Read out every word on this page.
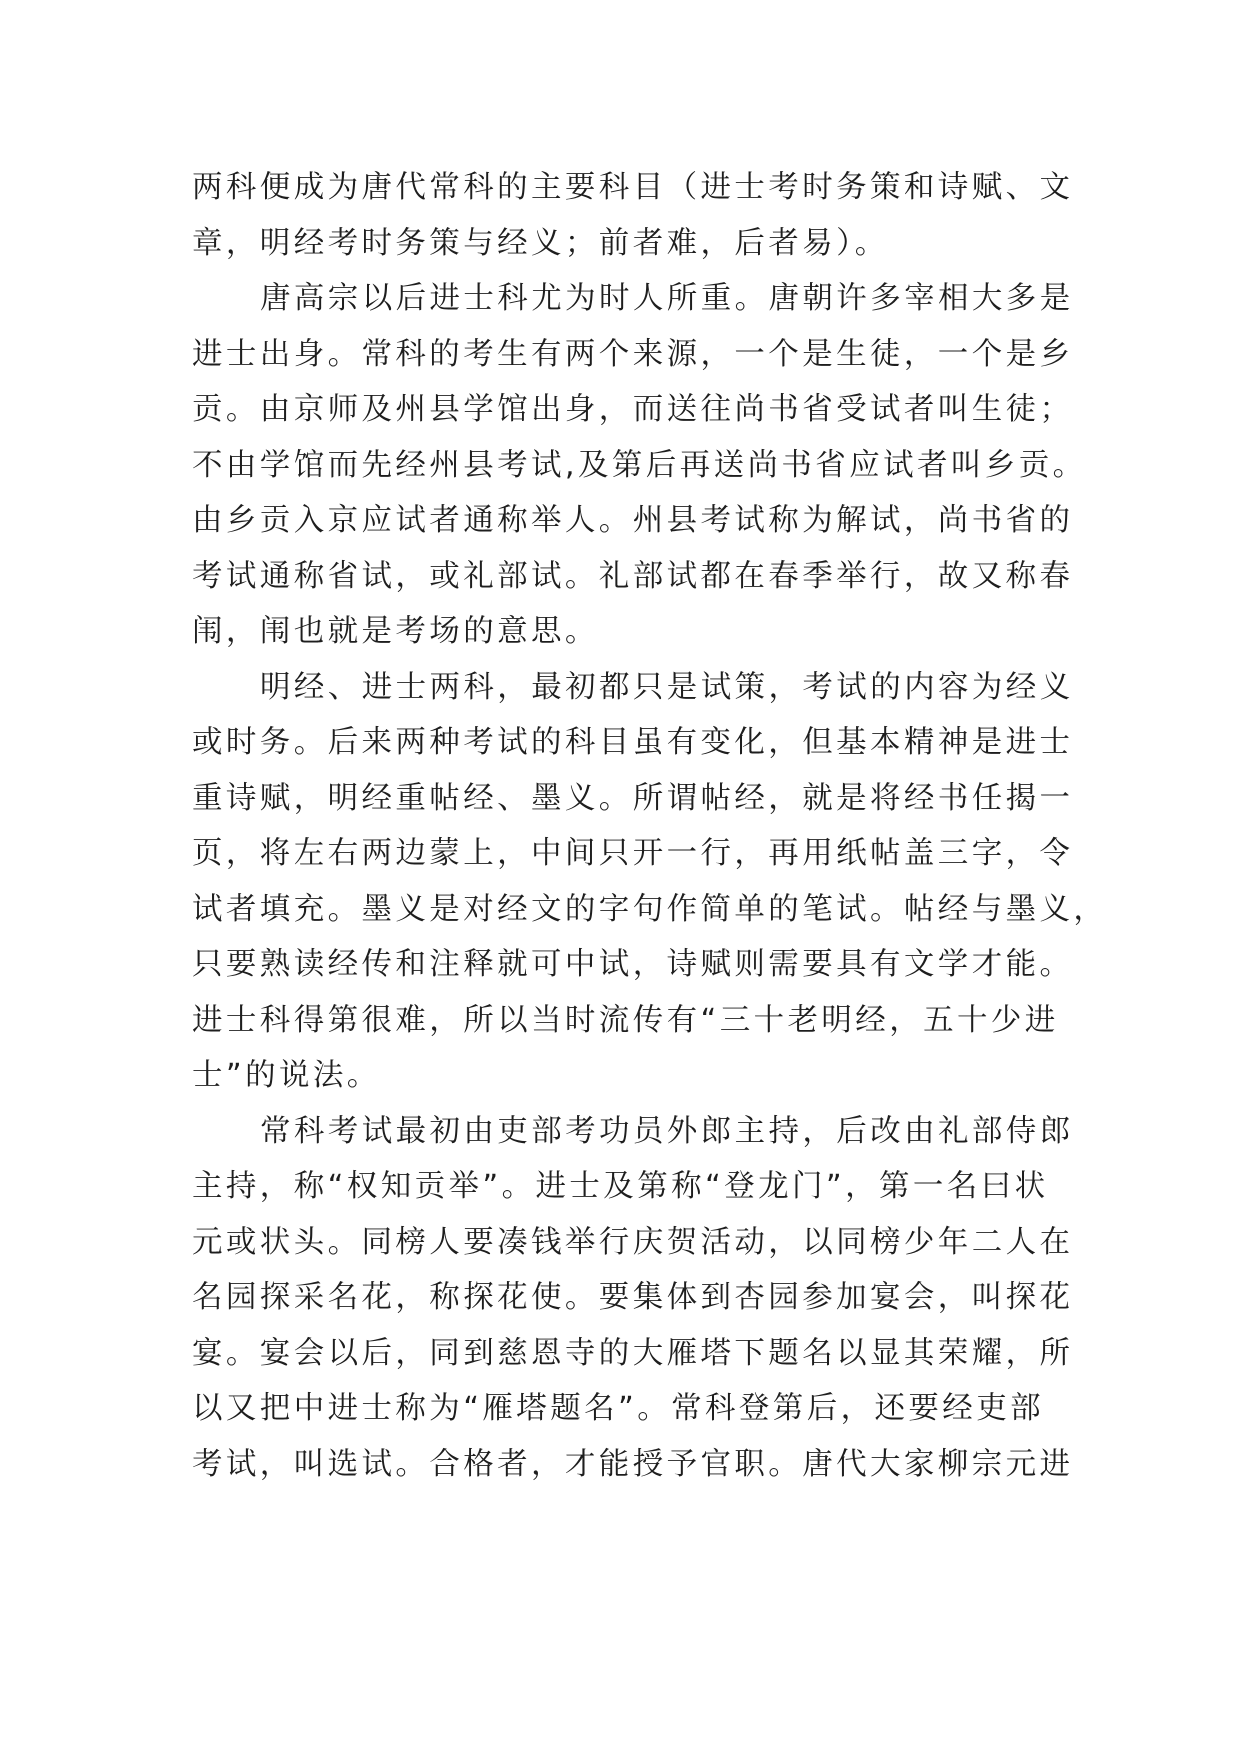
两科便成为唐代常科的主要科目（进士考时务策和诗赋、文
章，明经考时务策与经义；前者难，后者易）。
唐高宗以后进士科尤为时人所重。唐朝许多宰相大多是
进士出身。常科的考生有两个来源，一个是生徒，一个是乡
贡。由京师及州县学馆出身，而送往尚书省受试者叫生徒；
不由学馆而先经州县考试,及第后再送尚书省应试者叫乡贡。
由乡贡入京应试者通称举人。州县考试称为解试，尚书省的
考试通称省试，或礼部试。礼部试都在春季举行，故又称春
闱，闱也就是考场的意思。
明经、进士两科，最初都只是试策，考试的内容为经义
或时务。后来两种考试的科目虽有变化，但基本精神是进士
重诗赋，明经重帖经、墨义。所谓帖经，就是将经书任揭一
页，将左右两边蒙上，中间只开一行，再用纸帖盖三字，令
试者填充。墨义是对经文的字句作简单的笔试。帖经与墨义，
只要熟读经传和注释就可中试，诗赋则需要具有文学才能。
进士科得第很难，所以当时流传有“三十老明经，五十少进
士”的说法。
常科考试最初由吏部考功员外郎主持，后改由礼部侍郎
主持，称“权知贡举”。进士及第称“登龙门”，第一名曰状
元或状头。同榜人要凑钱举行庆贺活动，以同榜少年二人在
名园探采名花，称探花使。要集体到杏园参加宴会，叫探花
宴。宴会以后，同到慈恩寺的大雁塔下题名以显其荣耀，所
以又把中进士称为“雁塔题名”。常科登第后，还要经吏部
考试，叫选试。合格者，才能授予官职。唐代大家柳宗元进
